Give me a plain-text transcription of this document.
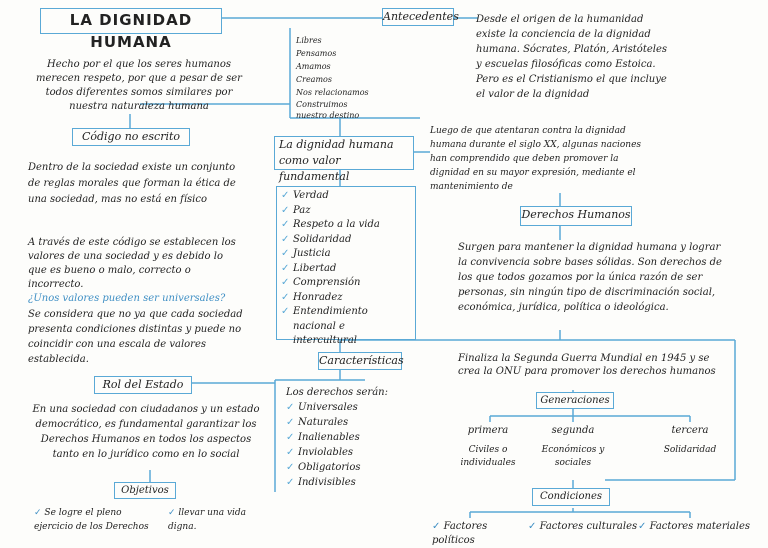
LA DIGNIDAD HUMANA
Hecho por el que los seres humanos merecen respeto, por que a pesar de ser todos diferentes somos similares por nuestra naturaleza humana
Libres
Pensamos
Amamos
Creamos
Nos relacionamos
Construimos nuestro destino
Antecedentes Desde el origen de la humanidad existe la conciencia de la dignidad humana. Sócrates, Platón, Aristóteles y escuelas filosóficas como Estoica. Pero es el Cristianismo el que incluye el valor de la dignidad
Código no escrito
Dentro de la sociedad existe un conjunto de reglas morales que forman la ética de una sociedad, mas no está en físico
A través de este código se establecen los valores de una sociedad y es debido lo que es bueno o malo, correcto o incorrecto.
¿Unos valores pueden ser universales?
Se considera que no ya que cada sociedad presenta condiciones distintas y puede no coincidir con una escala de valores establecida.
La dignidad humana como valor fundamental
✓ Verdad
✓ Paz
✓ Respeto a la vida
✓ Solidaridad
✓ Justicia
✓ Libertad
✓ Comprensión
✓ Honradez
✓ Entendimiento nacional e intercultural
Luego de que atentaran contra la dignidad humana durante el siglo XX, algunas naciones han comprendido que deben promover la dignidad en su mayor expresión, mediante el mantenimiento de
Derechos Humanos
Surgen para mantener la dignidad humana y lograr la convivencia sobre bases sólidas. Son derechos de los que todos gozamos por la única razón de ser personas, sin ningún tipo de discriminación social, económica, jurídica, política o ideológica.
Características
Los derechos serán:
✓ Universales
✓ Naturales
✓ Inalienables
✓ Inviolables
✓ Obligatorios
✓ Indivisibles
Rol del Estado
En una sociedad con ciudadanos y un estado democrático, es fundamental garantizar los Derechos Humanos en todos los aspectos tanto en lo jurídico como en lo social
Objetivos
✓ Se logre el pleno ejercicio de los Derechos
✓ llevar una vida digna.
Finaliza la Segunda Guerra Mundial en 1945 y se crea la ONU para promover los derechos humanos
Generaciones
primera
Civiles o individuales
segunda
Económicos y sociales
tercera
Solidaridad
Condiciones
✓ Factores políticos
✓ Factores culturales ✓ Factores materiales
